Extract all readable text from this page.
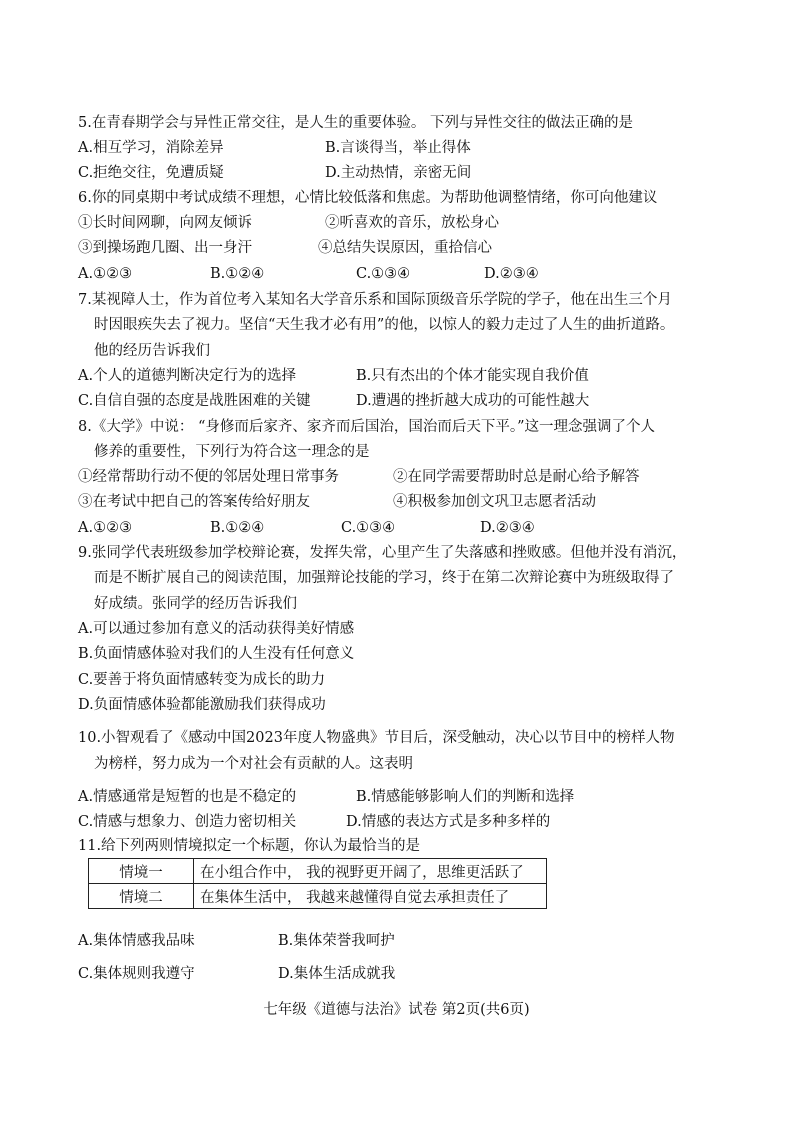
5.在青春期学会与异性正常交往，是人生的重要体验。 下列与异性交往的做法正确的是
A.相互学习，消除差异	B.言谈得当，举止得体
C.拒绝交往，免遭质疑	D.主动热情，亲密无间
6.你的同桌期中考试成绩不理想，心情比较低落和焦虑。为帮助他调整情绪，你可向他建议
①长时间网聊，向网友倾诉	②听喜欢的音乐，放松身心
③到操场跑几圈、出一身汗	④总结失误原因，重拾信心
A.①②③	B.①②④	C.①③④	D.②③④
7.某视障人士，作为首位考入某知名大学音乐系和国际顶级音乐学院的学子，他在出生三个月
时因眼疾失去了视力。坚信“天生我才必有用”的他，以惊人的毅力走过了人生的曲折道路。
他的经历告诉我们
A.个人的道德判断决定行为的选择	B.只有杰出的个体才能实现自我价值
C.自信自强的态度是战胜困难的关键	D.遭遇的挫折越大成功的可能性越大
8.《大学》中说： “身修而后家齐、家齐而后国治，国治而后天下平。”这一理念强调了个人
修养的重要性，下列行为符合这一理念的是
①经常帮助行动不便的邻居处理日常事务	②在同学需要帮助时总是耐心给予解答
③在考试中把自己的答案传给好朋友	④积极参加创文巩卫志愿者活动
A.①②③	B.①②④	C.①③④	D.②③④
9.张同学代表班级参加学校辩论赛，发挥失常，心里产生了失落感和挫败感。但他并没有消沉，
而是不断扩展自己的阅读范围，加强辩论技能的学习，终于在第二次辩论赛中为班级取得了
好成绩。张同学的经历告诉我们
A.可以通过参加有意义的活动获得美好情感
B.负面情感体验对我们的人生没有任何意义
C.要善于将负面情感转变为成长的助力
D.负面情感体验都能激励我们获得成功
10.小智观看了《感动中国2023年度人物盛典》节目后，深受触动，决心以节目中的榜样人物
为榜样，努力成为一个对社会有贡献的人。这表明
A.情感通常是短暂的也是不稳定的	B.情感能够影响人们的判断和选择
C.情感与想象力、创造力密切相关	D.情感的表达方式是多种多样的
11.给下列两则情境拟定一个标题，你认为最恰当的是
情境一	在小组合作中， 我的视野更开阔了，思维更活跃了
情境二	在集体生活中， 我越来越懂得自觉去承担责任了
A.集体情感我品味	B.集体荣誉我呵护
C.集体规则我遵守	D.集体生活成就我
七年级《道德与法治》试卷 第2页(共6页)
